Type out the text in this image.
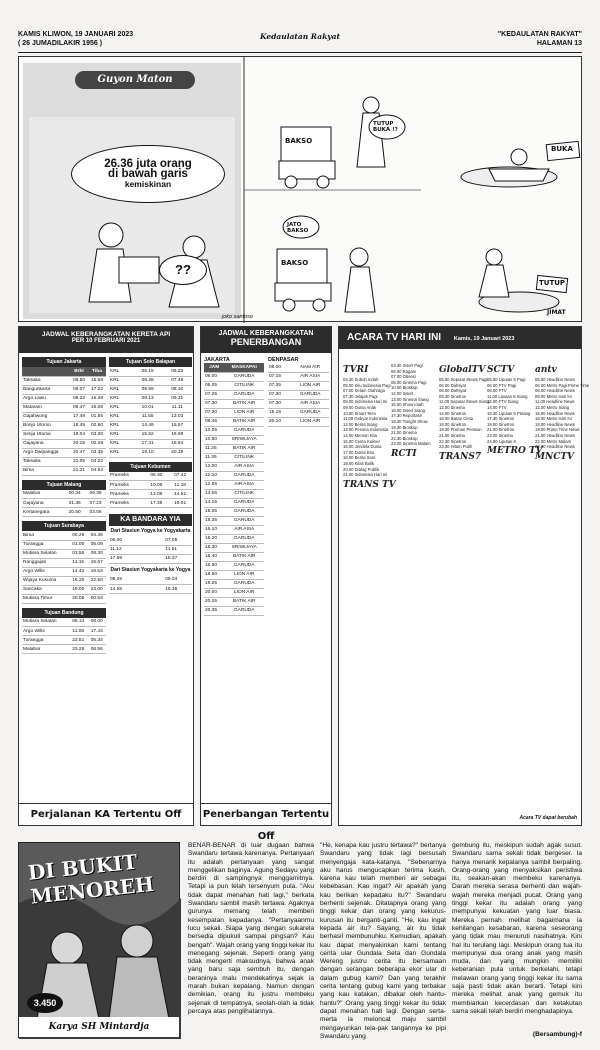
KAMIS KLIWON, 19 JANUARI 2023
( 26 JUMADILAKIR 1956 )
Kedaulatan Rakyat	"KEDAULATAN RAKYAT"
HALAMAN 13
Guyon Maton
26.36 juta orang
di bawah garis
kemiskinan
??
BAKSO
TUTUP BUKA !?
BUKA
BAKSO
JATO BAKSO
TUTUP
JIMAT
joko santoso
JADWAL KEBERANGKATAN KERETA API
PER 10 FEBRUARI 2021
Tujuan Jakarta
	Brkt	Tiba
Taksaka	08.50	15.59
Bangunkarta	09.07	17.22
Argo Lawu	09.22	16.28
Mataram	09.47	16.08
Gajahwong	17.48	01.55
Bonjo Utomo	18.45	02.50
Senja Utama	19.04	03.00
Gajayana	20.15	02.29
Argo Dwipangga	20.47	03.35
Taksaka	21.05	04.22
Bima	21.21	04.52
Tujuan Malang
Malabar	00.34	06.38
Gajayana	01.35	07.23
Kertanegara	20.50	03.06
Tujuan Surabaya
Bima	00.29	04.36
Turangga	01.00	05.09
Mutiara Selatan	03.56	08.30
Ranggajati	11.15	15.57
Argo Wilis	14.44	18.53
Wijaya Kusuma	18.20	22.50
Sancaka	19.00	23.00
Mutiara Timur	20.05	00.53
Tujuan Bandung
Mutiara Selatan	08.14	08.00
Argo Wilis	11.08	17.43
Turangga	22.51	05.34
Malabar	23.28	06.56
Tujuan Solo Balapan
KRL	05.15	06.23
KRL	06.28	07.48
KRL	06.59	08.10
KRL	08.13	09.31
KRL	10.01	11.11
KRL	11.55	13.03
KRL	14.49	15.57
KRL	15.52	16.59
KRL	17.31	18.54
KRL	19.10	20.19
Tujuan Kebumen
Prameks	06.30	07.42
Prameks	10.05	11.18
Prameks	13.08	14.51
Prameks	17.35	19.01
KA BANDARA YIA
Dari Stasiun Yogya ke Yogyakarta
06.00	07.05
11.12	11.51
17.58	18.37
Dari Stasiun Yogyakarta ke Yogya
08.25	09.04
14.55	15.35
Perjalanan KA Tertentu Off
JADWAL KEBERANGKATAN
PENERBANGAN
JAKARTA
JAM	MASKAPAI
06.00	GARUDA
06.05	CITILINK
07.25	GARUDA
07.30	BATIK AIR
07.30	LION AIR
08.45	BATIK AIR
10.05	GARUDA
10.50	SRIWIJAYA
11.25	BATIK AIR
11.35	CITILINK
12.00	AIR ASIA
12.10	GARUDA
12.55	AIR ASIA
13.55	CITILINK
14.15	GARUDA
15.05	GARUDA
15.35	GARUDA
16.10	AIR ASIA
16.20	GARUDA
16.30	SRIWIJAYA
16.40	BATIK AIR
16.50	GARUDA
18.50	LION AIR
19.25	GARUDA
20.00	LION AIR
20.25	BATIK AIR
20.35	GARUDA
DENPASAR
08.00	NAM AIR
07.15	AIR ASIA
07.35	LION AIR
07.30	GARUDA
07.30	AIR ASIA
15.15	GARUDA
20.10	LION AIR
Penerbangan Tertentu Off
ACARA TV HARI INI Kamis, 19 Januari 2023
TVRI
04.30 Subuh Indah
05.00 Kilu Indonesia Pagi
07.00 Selam Olahraga
07.30 Jelajah Pagi
08.00 Indonesia Hari Ini
09.00 Dunia Anak
10.00 Smart Teen
11.00 Gebyar Indonesia
12.00 Berita Siang
13.00 Pesona Indonesia
14.00 Memori Kita
15.00 Cerita Kuliner
16.00 Jendela Dunia
17.00 Dunia Kita
18.00 Berita Sore
19.00 Kilas Balik
20.00 Dialog Publik
21.00 Indonesia Hari Ini
TRANS TV
04.30 Insert Pagi
06.00 Ragam
07.00 Obsesi
08.00 Sinema Pagi
10.00 Bioskop
12.00 Insert
13.00 Sinema Siang
15.00 Show Imah
16.00 Insert Siang
17.30 Reportase
18.30 Tonight Show
19.30 Bioskop
21.00 Sinema
22.30 Bioskop
23.00 Sinema Malam
RCTI
GlobalTV
05.00 Seputar iNews Pagi
06.00 Dahsyat
08.00 Dahsyat
09.30 Sinetron
11.00 Seputar iNews Siang
12.00 Sinema
14.00 Sinetron
16.00 Ikatan Cinta
18.00 Sinetron
19.30 Preman Pensiun
21.00 Sinema
22.30 Sinetron
23.30 Hitam Putih
TRANS7
SCTV
05.00 Liputan 6 Pagi
06.00 FTV Pagi
08.00 FTV
11.00 Liputan 6 Siang
12.00 FTV Siang
14.00 FTV
16.30 Liputan 6 Petang
17.30 Sinetron
19.00 Sinetron
21.00 Sinetron
23.00 Sinema
24.00 Liputan 6
METRO TV
antv
05.00 Headline News
06.00 Metro Pagi Prime Time
08.00 Headline News
09.00 Metro Hari Ini
11.00 Headline News
13.00 Metro Siang
15.00 Headline News
16.00 Metro Hari Ini
18.00 Headline News
19.00 Prime Time News
21.00 Headline News
22.00 Metro Malam
23.00 Headline News
MNCTV
Acara TV dapat berubah
DI BUKIT MENOREH
3.450
Karya SH Mintardja
BENAR-BENAR di luar dugaan bahwa Swandaru tertawa karenanya. Pertanyaan itu adalah pertanyaan yang sangat menggelikan baginya. Agung Sedayu yang berdiri di sampingnya menggamitnya. Tetapi ia pun telah tersenyum pula. "Aku tidak dapat menahan hati lagi," berkata Swandaru sambil masih tertawa. Agaknya gurunya memang telah memberi kesempatan kepadanya. "Pertanyaanmu lucu sekali. Siapa yang dengan sukarela bersedia dipukuli sampai pingsan? Kau bengah". Wajah orang yang tinggi kekar itu menegang sejenak. Seperti orang yang tidak mengerti maksudnya, bahwa anak yang baru saja sembuh itu, dengan beraninya malu mendekatinya sejak ia marah bukan kepalang. Namun dengan demikian, orang itu justru membeku sejenak di tempatnya, seolah-olah ia tidak percaya atas penglihatannya.
"He, kenapa kau justru tertawa?" bertanya Swandaru yang tidak lagi bersusah menyengaja kata-katanya. "Sebenarnya aku harus mengucapkan terima kasih, karena kau telah memberi air sebagai kebebasan. Kau ingat? Air apakah yang kau berikan kepadaku itu?" Swandaru berhenti sejenak. Ditatapnya orang yang tinggi kekar dan orang yang kekurus-kurusan itu berganti-ganti. "He, kau ingat kepada air itu? Sayang, air itu tidak berhasil membunuhku. Kemudian, apakah kau dapat menyakinkan kami tentang cerita ular Gundala Seta dan Gundala Wereng justru cerita itu bersamaan dengan serangan beberapa ekor ular di dalam gubug kami? Dan yang terakhir cerita tentang gubug kami yang terbakar yang kau katakan, dibakar oleh hantu-hantu?" Orang yang tinggi kekar itu tidak dapat menahan hati lagi. Dengan serta-merta ia meloncat maju sambil mengayunkan tela-pak tangannya ke pipi Swandaru yang
gembung itu, meskipun sudah agak susut. Swandaru sama sekali tidak bergeser. Ia hanya menarik kepalanya sambil berpaling. Orang-orang yang menyaksikan peristiwa itu, seakan-akan membeku karenanya. Darah mereka serasa berhenti dan wajah-wajah mereka menjadi pucat. Orang yang tinggi kekar itu adalah orang yang mempunyai kekuatan yang luar biasa. Mereka pernah melihat bagaimana ia kehilangan kesabaran, karena seseorang yang tidak mau menuruti nasihatnya. Kini hal itu terulang lagi. Meskipun orang tua itu mempunyai dua orang anak yang masih muda, dan yang mungkin memiliki keberanian pula untuk berkelahi, tetapi melawan orang yang tinggi kekar itu sama saja pasti tidak akan berarti. Tetapi kini mereka melihat anak yang gemuk itu membiarkan kecerdasan dan ketakutan sama sekali telah berdiri menghadapinya.
(Bersambung)-f
